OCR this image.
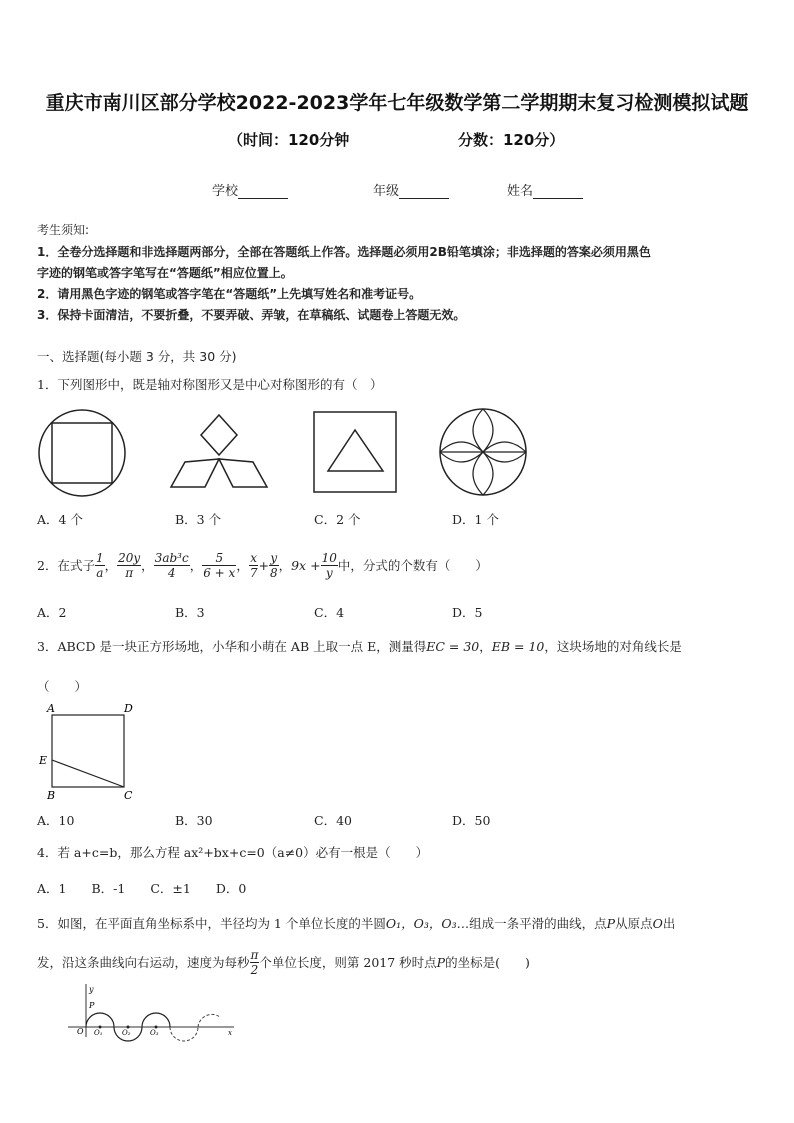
重庆市南川区部分学校2022-2023学年七年级数学第二学期期末复习检测模拟试题
（时间：120分钟	分数：120分）
学校	年级	姓名
考生须知:
1．全卷分选择题和非选择题两部分，全部在答题纸上作答。选择题必须用2B铅笔填涂；非选择题的答案必须用黑色
字迹的钢笔或答字笔写在“答题纸”相应位置上。
2．请用黑色字迹的钢笔或答字笔在“答题纸”上先填写姓名和准考证号。
3．保持卡面清洁，不要折叠，不要弄破、弄皱，在草稿纸、试题卷上答题无效。
一、选择题(每小题 3 分，共 30 分)
1．下列图形中，既是轴对称图形又是中心对称图形的有（　）
A．4 个	B．3 个	C．2 个	D．1 个
2．在式子 $\frac{1}{a}$ ， $\frac{20y}{\pi}$ ， $\frac{\text{3ab³c}}{4}$ ， $\frac{5}{6 + x}$ ， $\frac{x}{7} + \frac{y}{8}$ ， $9x + \frac{10}{y}$ 中，分式的个数有（　　）
A．2	B．3	C．4	D．5
3．ABCD 是一块正方形场地，小华和小萌在 AB 上取一点 E，测量得EC = 30，EB = 10，这块场地的对角线长是
（　　）
A	D
E
B	C
A．10	B．30	C．40	D．50
4．若 a+c=b，那么方程 ax²+bx+c=0（a≠0）必有一根是（　　）
A．1　　B．-1　　C．±1　　D．0
5．如图，在平面直角坐标系中，半径均为 1 个单位长度的半圆O₁，O₃，O₃…组成一条平滑的曲线，点P从原点O出
发，沿这条曲线向右运动，速度为每秒 $\frac{\pi}{2}$ 个单位长度，则第 2017 秒时点 P 的坐标是(　　)
y
P
O O₁	O₂	O₃	x
